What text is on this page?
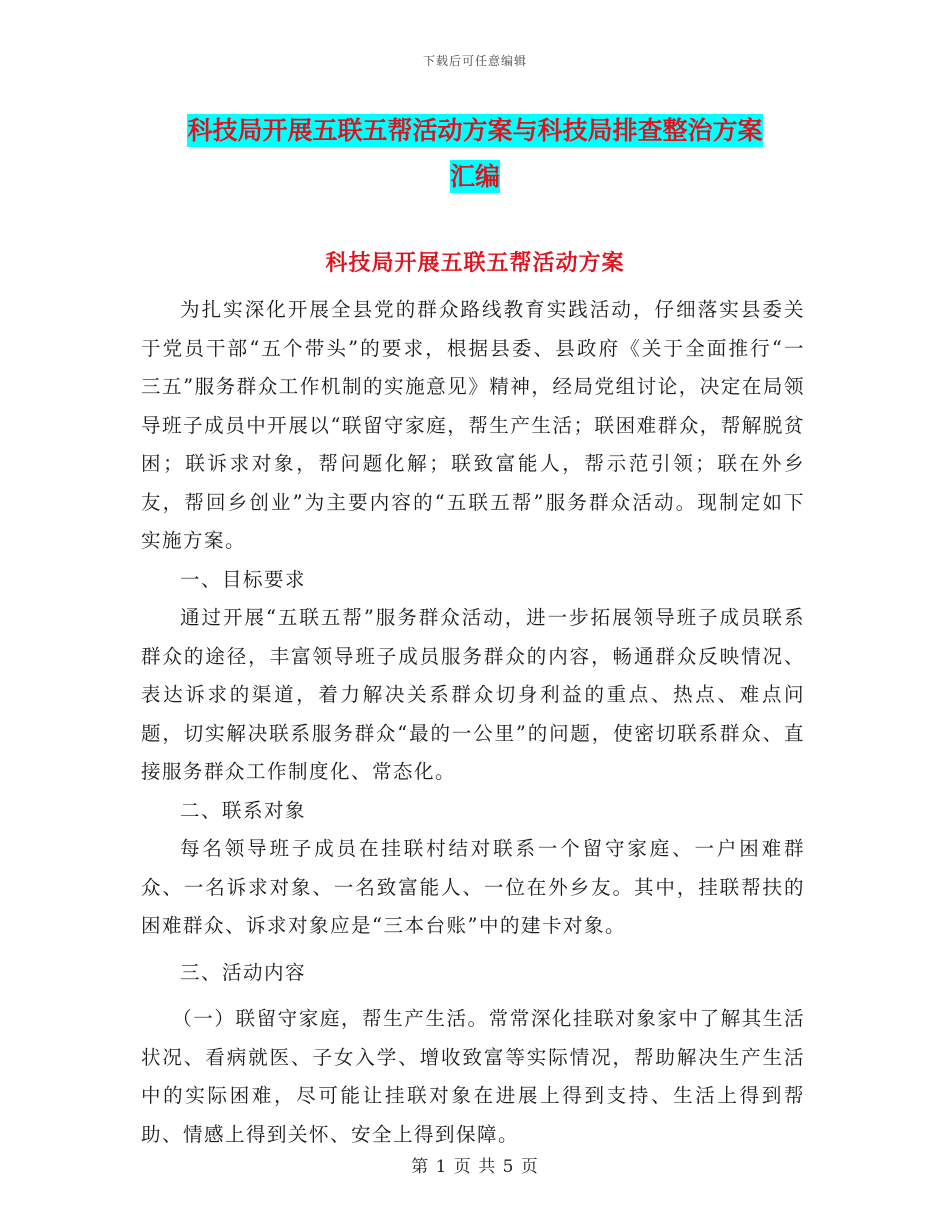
下载后可任意编辑
科技局开展五联五帮活动方案与科技局排查整治方案
汇编
科技局开展五联五帮活动方案

为扎实深化开展全县党的群众路线教育实践活动，仔细落实县委关于党员干部“五个带头”的要求，根据县委、县政府《关于全面推行“一三五”服务群众工作机制的实施意见》精神，经局党组讨论，决定在局领导班子成员中开展以“联留守家庭，帮生产生活；联困难群众，帮解脱贫困；联诉求对象，帮问题化解；联致富能人，帮示范引领；联在外乡友，帮回乡创业”为主要内容的“五联五帮”服务群众活动。现制定如下实施方案。

一、目标要求

通过开展“五联五帮”服务群众活动，进一步拓展领导班子成员联系群众的途径，丰富领导班子成员服务群众的内容，畅通群众反映情况、表达诉求的渠道，着力解决关系群众切身利益的重点、热点、难点问题，切实解决联系服务群众“最的一公里”的问题，使密切联系群众、直接服务群众工作制度化、常态化。

二、联系对象

每名领导班子成员在挂联村结对联系一个留守家庭、一户困难群众、一名诉求对象、一名致富能人、一位在外乡友。其中，挂联帮扶的困难群众、诉求对象应是“三本台账”中的建卡对象。

三、活动内容

（一）联留守家庭，帮生产生活。常常深化挂联对象家中了解其生活状况、看病就医、子女入学、增收致富等实际情况，帮助解决生产生活中的实际困难，尽可能让挂联对象在进展上得到支持、生活上得到帮助、情感上得到关怀、安全上得到保障。

第 1 页 共 5 页
